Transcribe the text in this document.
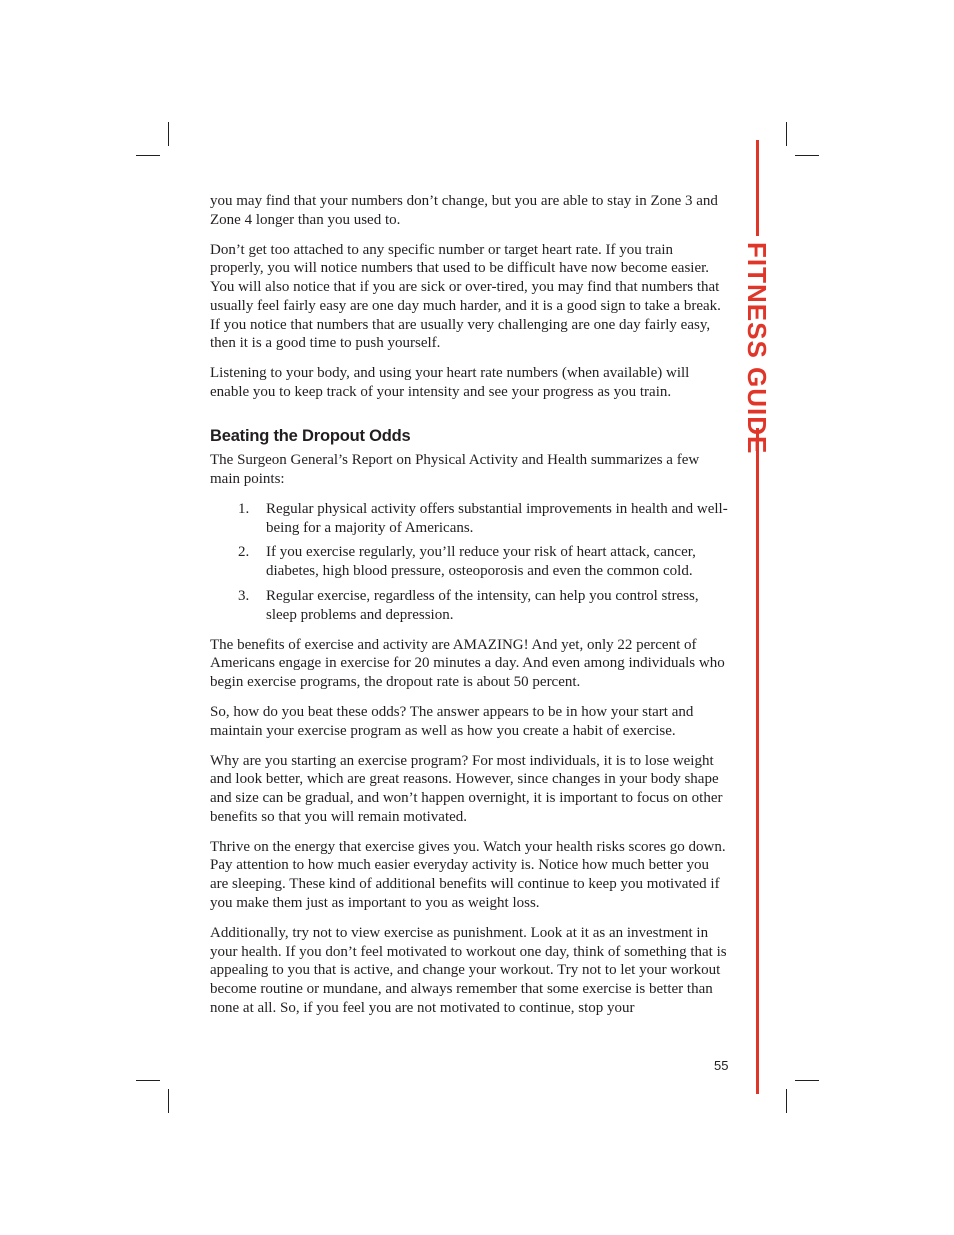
FITNESS GUIDE

you may find that your numbers don’t change, but you are able to stay in Zone 3 and Zone 4 longer than you used to.

Don’t get too attached to any specific number or target heart rate. If you train properly, you will notice numbers that used to be difficult have now become easier. You will also notice that if you are sick or over-tired, you may find that numbers that usually feel fairly easy are one day much harder, and it is a good sign to take a break. If you notice that numbers that are usually very challenging are one day fairly easy, then it is a good time to push yourself.

Listening to your body, and using your heart rate numbers (when available) will enable you to keep track of your intensity and see your progress as you train.

Beating the Dropout Odds

The Surgeon General’s Report on Physical Activity and Health summarizes a few main points:

1. Regular physical activity offers substantial improvements in health and well-being for a majority of Americans.
2. If you exercise regularly, you’ll reduce your risk of heart attack, cancer, diabetes, high blood pressure, osteoporosis and even the common cold.
3. Regular exercise, regardless of the intensity, can help you control stress, sleep problems and depression.

The benefits of exercise and activity are AMAZING! And yet, only 22 percent of Americans engage in exercise for 20 minutes a day. And even among individuals who begin exercise programs, the dropout rate is about 50 percent.

So, how do you beat these odds? The answer appears to be in how your start and maintain your exercise program as well as how you create a habit of exercise.

Why are you starting an exercise program? For most individuals, it is to lose weight and look better, which are great reasons. However, since changes in your body shape and size can be gradual, and won’t happen overnight, it is important to focus on other benefits so that you will remain motivated.

Thrive on the energy that exercise gives you. Watch your health risks scores go down. Pay attention to how much easier everyday activity is. Notice how much better you are sleeping. These kind of additional benefits will continue to keep you motivated if you make them just as important to you as weight loss.

Additionally, try not to view exercise as punishment. Look at it as an investment in your health. If you don’t feel motivated to workout one day, think of something that is appealing to you that is active, and change your workout. Try not to let your workout become routine or mundane, and always remember that some exercise is better than none at all. So, if you feel you are not motivated to continue, stop your

55
